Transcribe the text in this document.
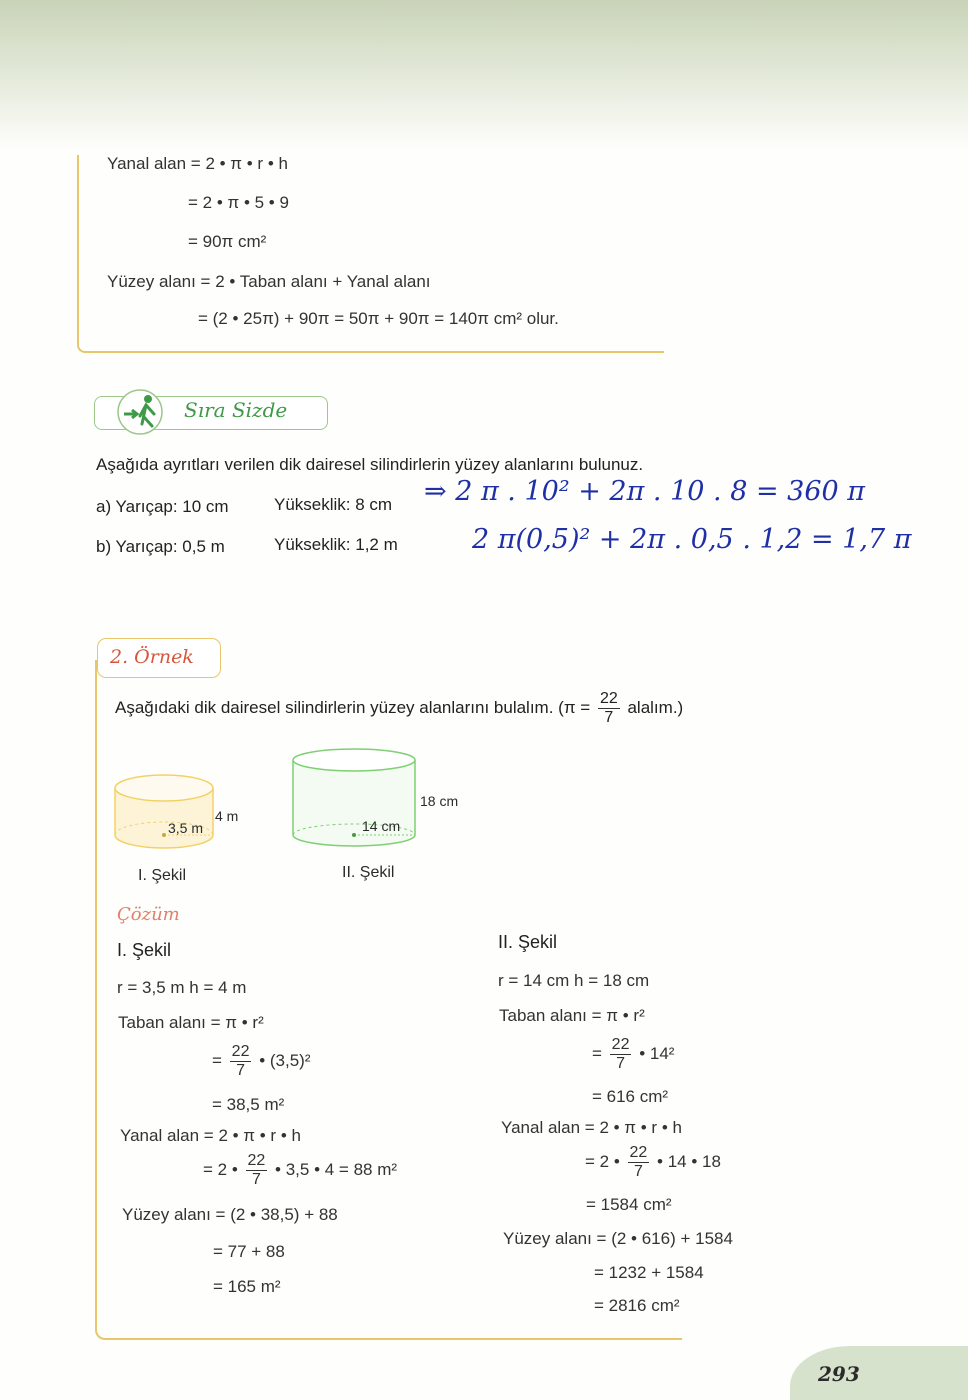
Yanal alan = 2 • π • r • h
= 2 • π • 5 • 9
= 90π cm²
Yüzey alanı = 2 • Taban alanı + Yanal alanı
= (2 • 25π) + 90π = 50π + 90π = 140π cm² olur.
Sıra Sizde
Aşağıda ayrıtları verilen dik dairesel silindirlerin yüzey alanlarını bulunuz.
a) Yarıçap: 10 cm	Yükseklik: 8 cm
b) Yarıçap: 0,5 m	Yükseklik: 1,2 m
⇒ 2 π . 10² + 2π . 10 . 8 = 360 π
2 π(0,5)² + 2π . 0,5 . 1,2 = 1,7 π
2. Örnek
Aşağıdaki dik dairesel silindirlerin yüzey alanlarını bulalım. ($\pi = \frac{22}{7}$ alalım.)
3,5 m
4 m
I. Şekil
14 cm
18 cm
II. Şekil
Çözüm
I. Şekil
r = 3,5 m h = 4 m
Taban alanı = π • r²
= $\frac{22}{7}$ • (3,5)²
= 38,5 m²
Yanal alan = 2 • π • r • h
= 2 • $\frac{22}{7}$ • 3,5 • 4 = 88 m²
Yüzey alanı = (2 • 38,5) + 88
= 77 + 88
= 165 m²
II. Şekil
r = 14 cm h = 18 cm
Taban alanı = π • r²
= $\frac{22}{7}$ • 14²
= 616 cm²
Yanal alan = 2 • π • r • h
= 2 • $\frac{22}{7}$ • 14 • 18
= 1584 cm²
Yüzey alanı = (2 • 616) + 1584
= 1232 + 1584
= 2816 cm²
293
